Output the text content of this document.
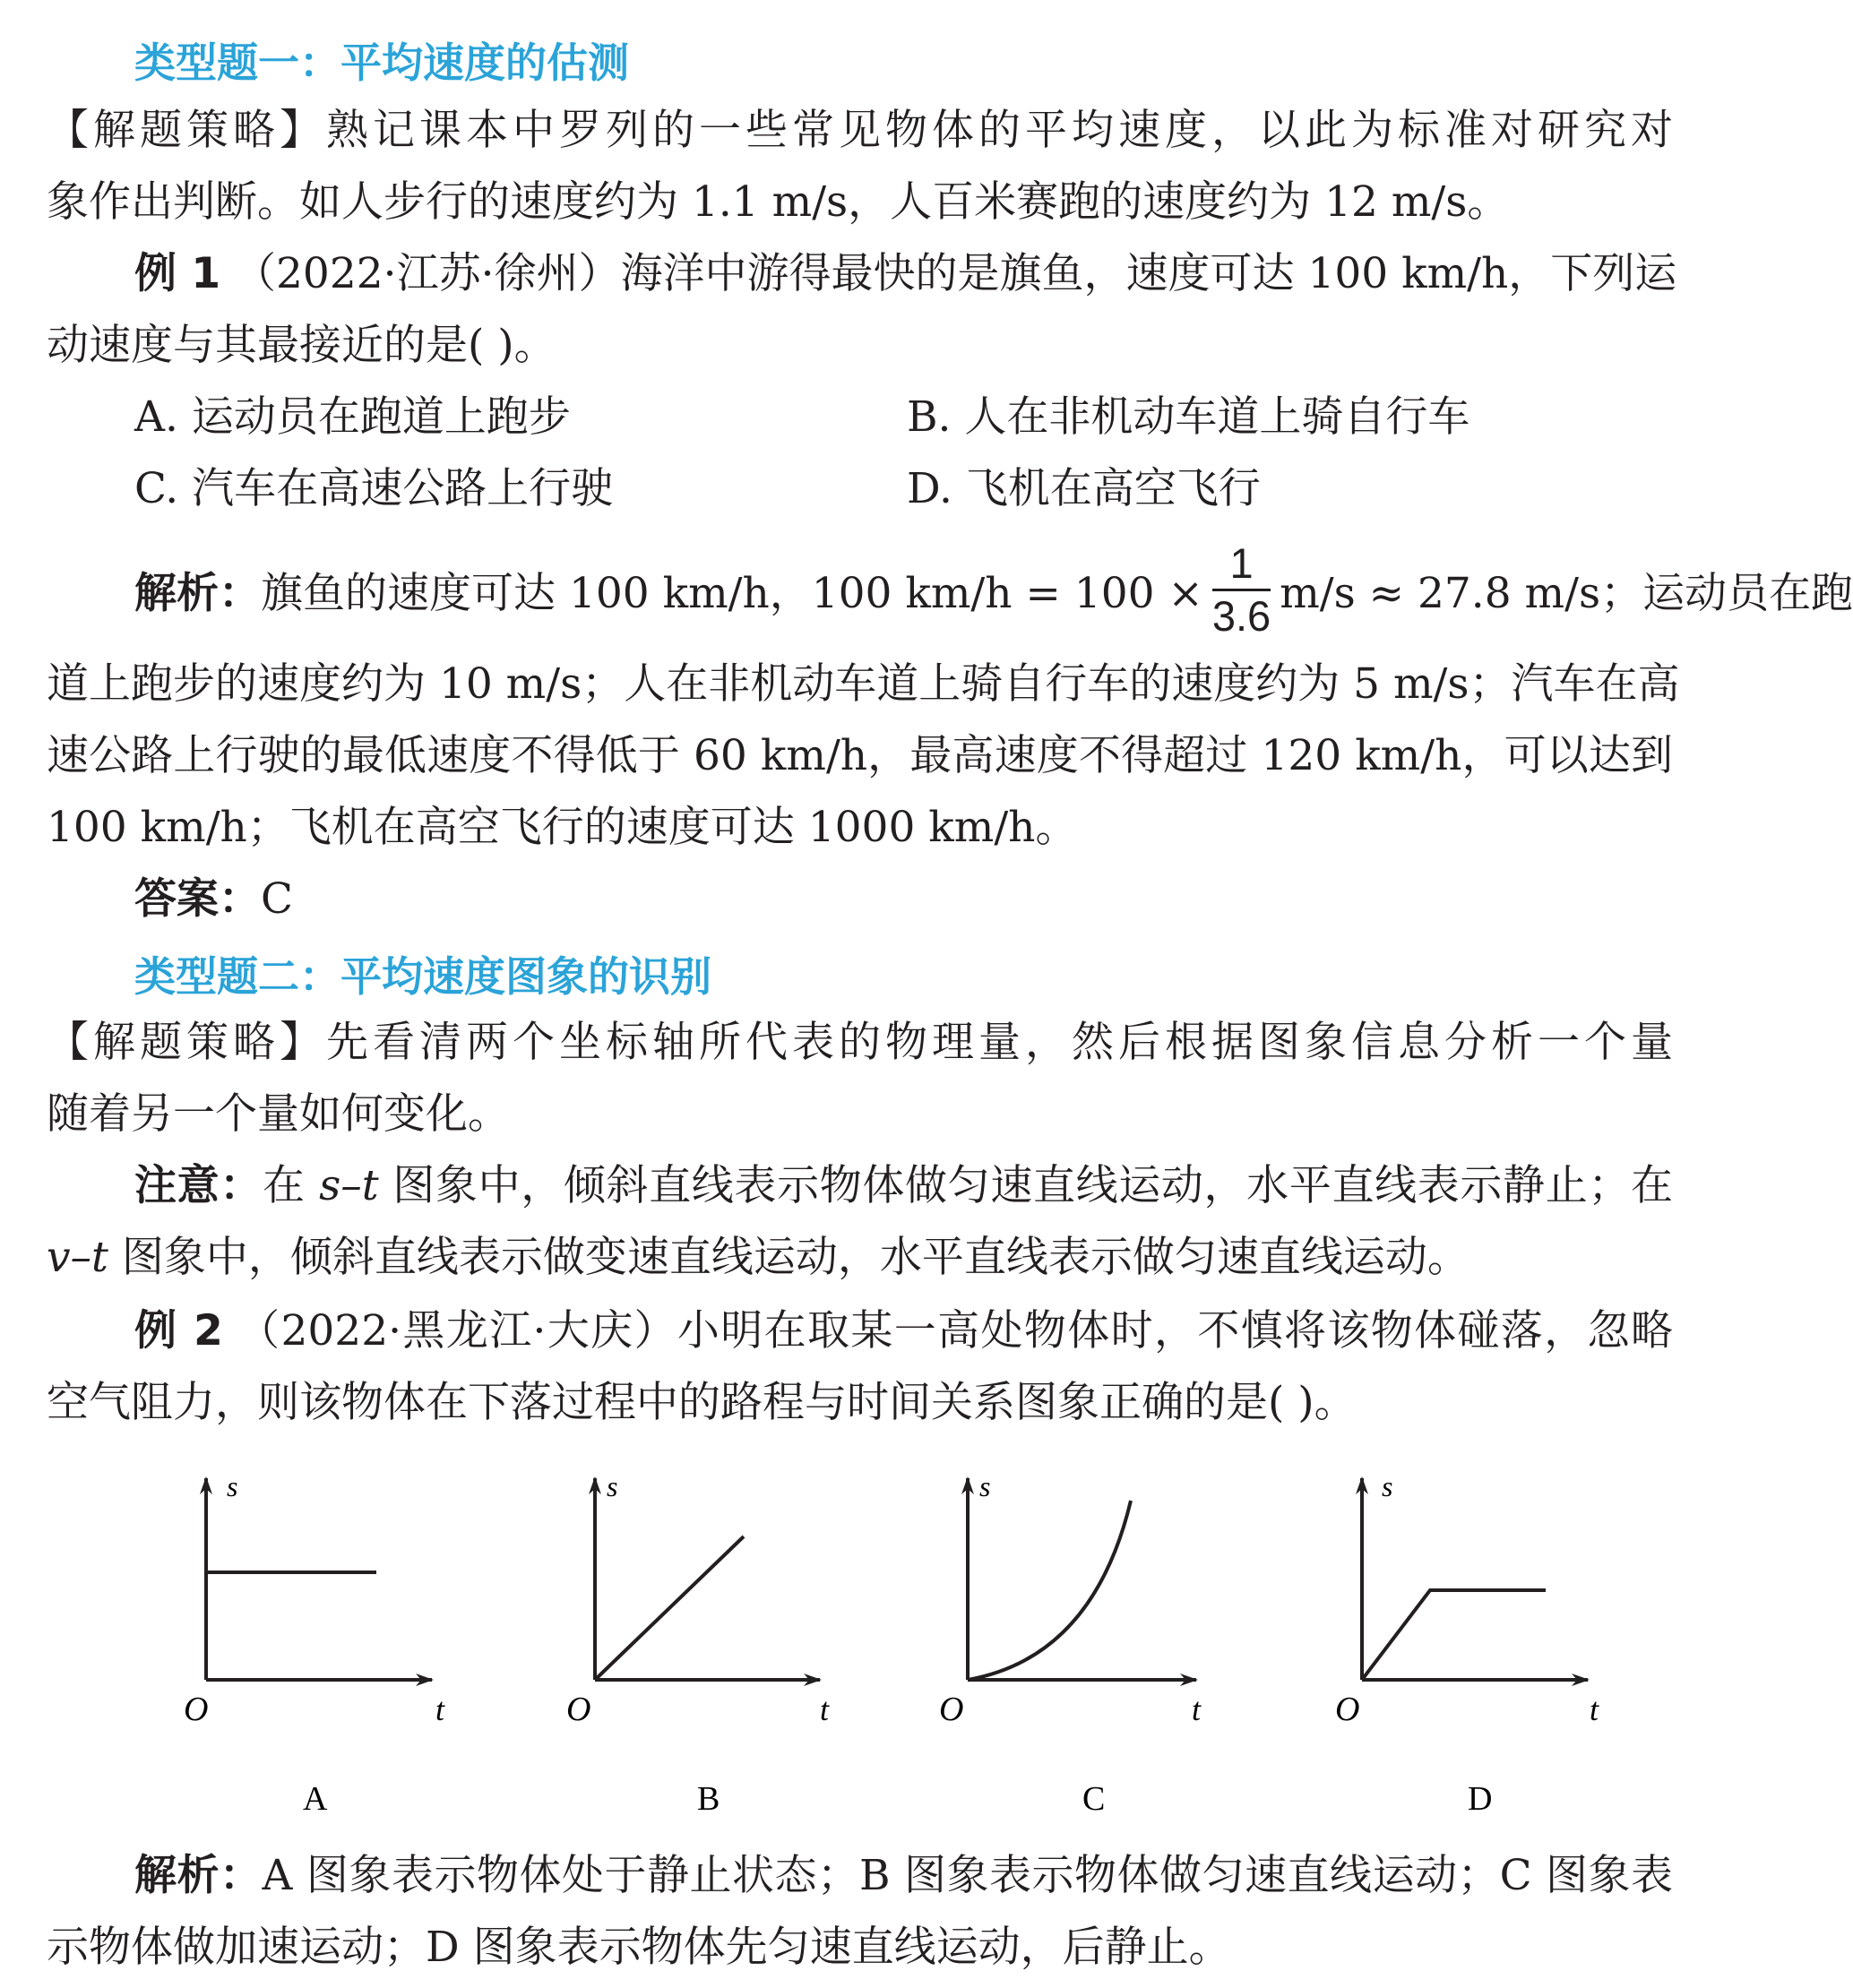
类型题一：平均速度的估测
【解题策略】熟记课本中罗列的一些常见物体的平均速度，以此为标准对研究对
象作出判断。如人步行的速度约为 1.1 m/s，人百米赛跑的速度约为 12 m/s。
例 1 （2022·江苏·徐州）海洋中游得最快的是旗鱼，速度可达 100 km/h，下列运
动速度与其最接近的是( )。
A. 运动员在跑道上跑步	B. 人在非机动车道上骑自行车
C. 汽车在高速公路上行驶	D. 飞机在高空飞行
解析： 旗鱼的速度可达 100 km/h，100 $km/h = 100 \times \frac{1}{3.6} m/s \approx 27.8$ m/s；运动员在跑
道上跑步的速度约为 10 m/s；人在非机动车道上骑自行车的速度约为 5 m/s；汽车在高
速公路上行驶的最低速度不得低于 60 km/h，最高速度不得超过 120 km/h，可以达到
100 km/h；飞机在高空飞行的速度可达 1000 km/h。
答案：C
类型题二：平均速度图象的识别
【解题策略】先看清两个坐标轴所代表的物理量，然后根据图象信息分析一个量
随着另一个量如何变化。
注意：在 s–t 图象中，倾斜直线表示物体做匀速直线运动，水平直线表示静止；在
v–t 图象中，倾斜直线表示做变速直线运动，水平直线表示做匀速直线运动。
例 2 （2022·黑龙江·大庆）小明在取某一高处物体时，不慎将该物体碰落，忽略
空气阻力，则该物体在下落过程中的路程与时间关系图象正确的是( )。
s
t
O
A
s
t
O
B
s
t
O
C
s
t
O
D
解析：A 图象表示物体处于静止状态；B 图象表示物体做匀速直线运动；C 图象表
示物体做加速运动；D 图象表示物体先匀速直线运动，后静止。
